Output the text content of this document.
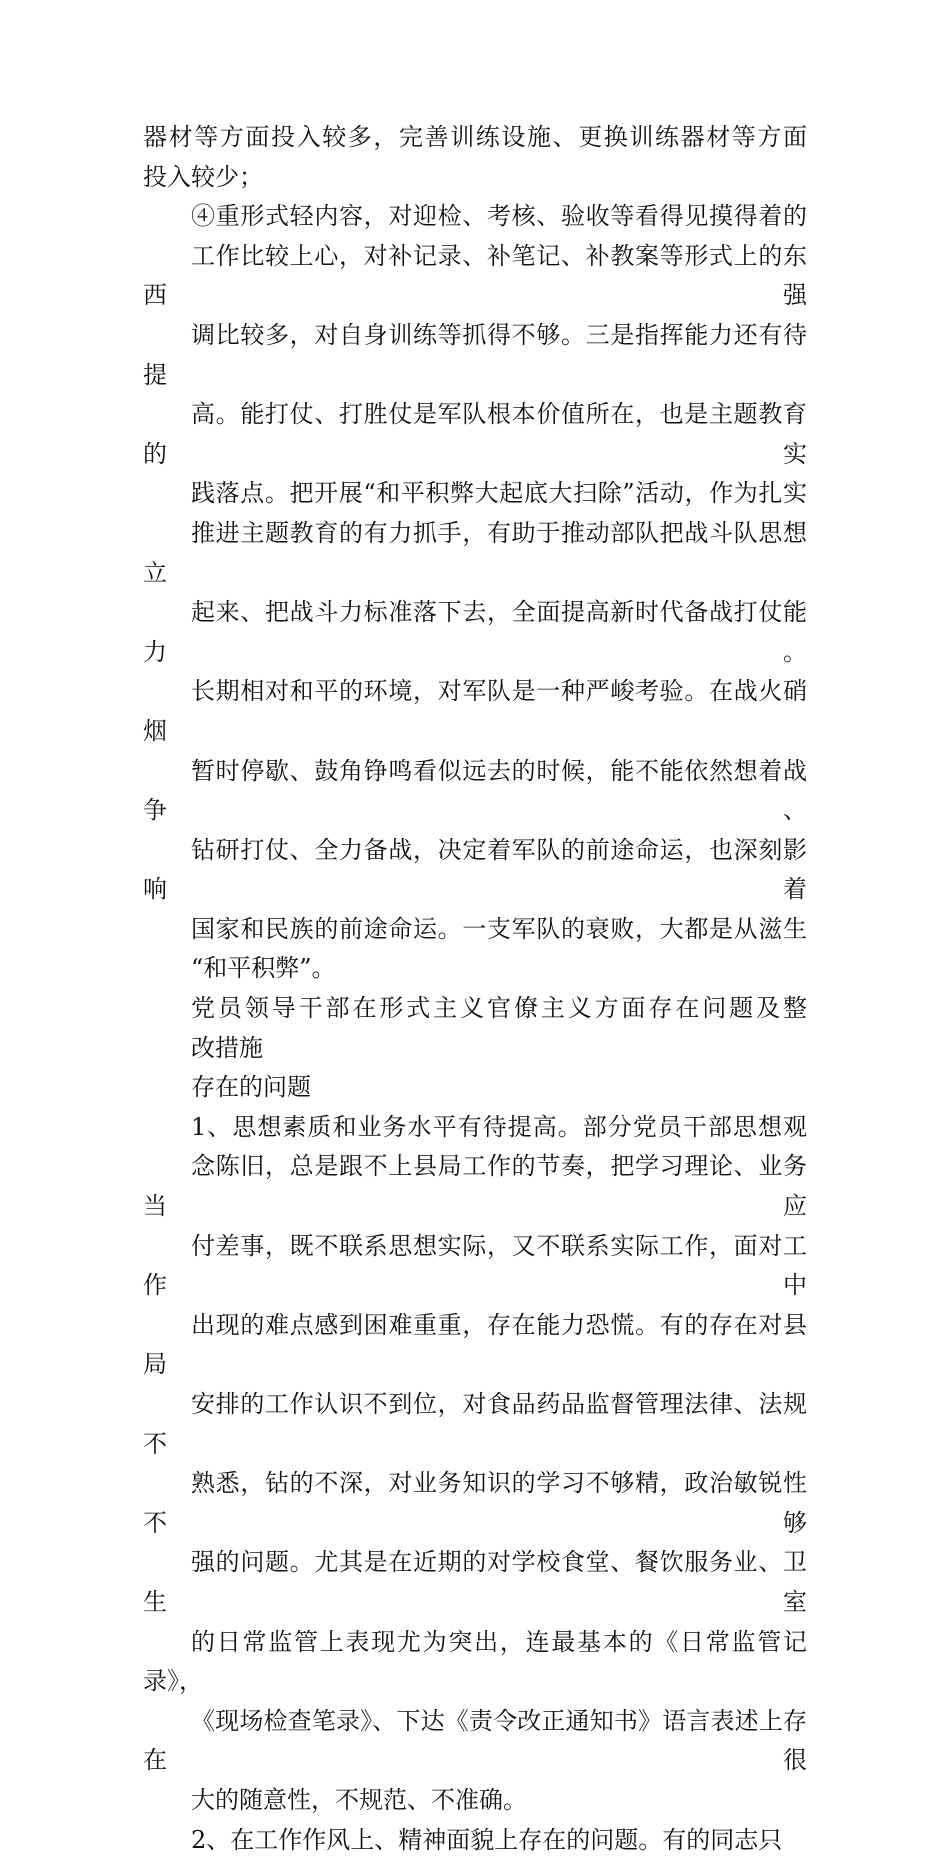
器材等方面投入较多，完善训练设施、更换训练器材等方面
投入较少；
④重形式轻内容，对迎检、考核、验收等看得见摸得着的
工作比较上心，对补记录、补笔记、补教案等形式上的东西强
调比较多，对自身训练等抓得不够。三是指挥能力还有待提
高。能打仗、打胜仗是军队根本价值所在，也是主题教育的实
践落点。把开展“和平积弊大起底大扫除”活动，作为扎实
推进主题教育的有力抓手，有助于推动部队把战斗队思想立
起来、把战斗力标准落下去，全面提高新时代备战打仗能力。
长期相对和平的环境，对军队是一种严峻考验。在战火硝烟
暂时停歇、鼓角铮鸣看似远去的时候，能不能依然想着战争、
钻研打仗、全力备战，决定着军队的前途命运，也深刻影响着
国家和民族的前途命运。一支军队的衰败，大都是从滋生
“和平积弊”。
党员领导干部在形式主义官僚主义方面存在问题及整
改措施
存在的问题
1、思想素质和业务水平有待提高。部分党员干部思想观
念陈旧，总是跟不上县局工作的节奏，把学习理论、业务当应
付差事，既不联系思想实际，又不联系实际工作，面对工作中
出现的难点感到困难重重，存在能力恐慌。有的存在对县局
安排的工作认识不到位，对食品药品监督管理法律、法规不
熟悉，钻的不深，对业务知识的学习不够精，政治敏锐性不够
强的问题。尤其是在近期的对学校食堂、餐饮服务业、卫生室
的日常监管上表现尤为突出，连最基本的《日常监管记录》，
《现场检查笔录》、下达《责令改正通知书》语言表述上存在很
大的随意性，不规范、不准确。
2、在工作作风上、精神面貌上存在的问题。有的同志只
